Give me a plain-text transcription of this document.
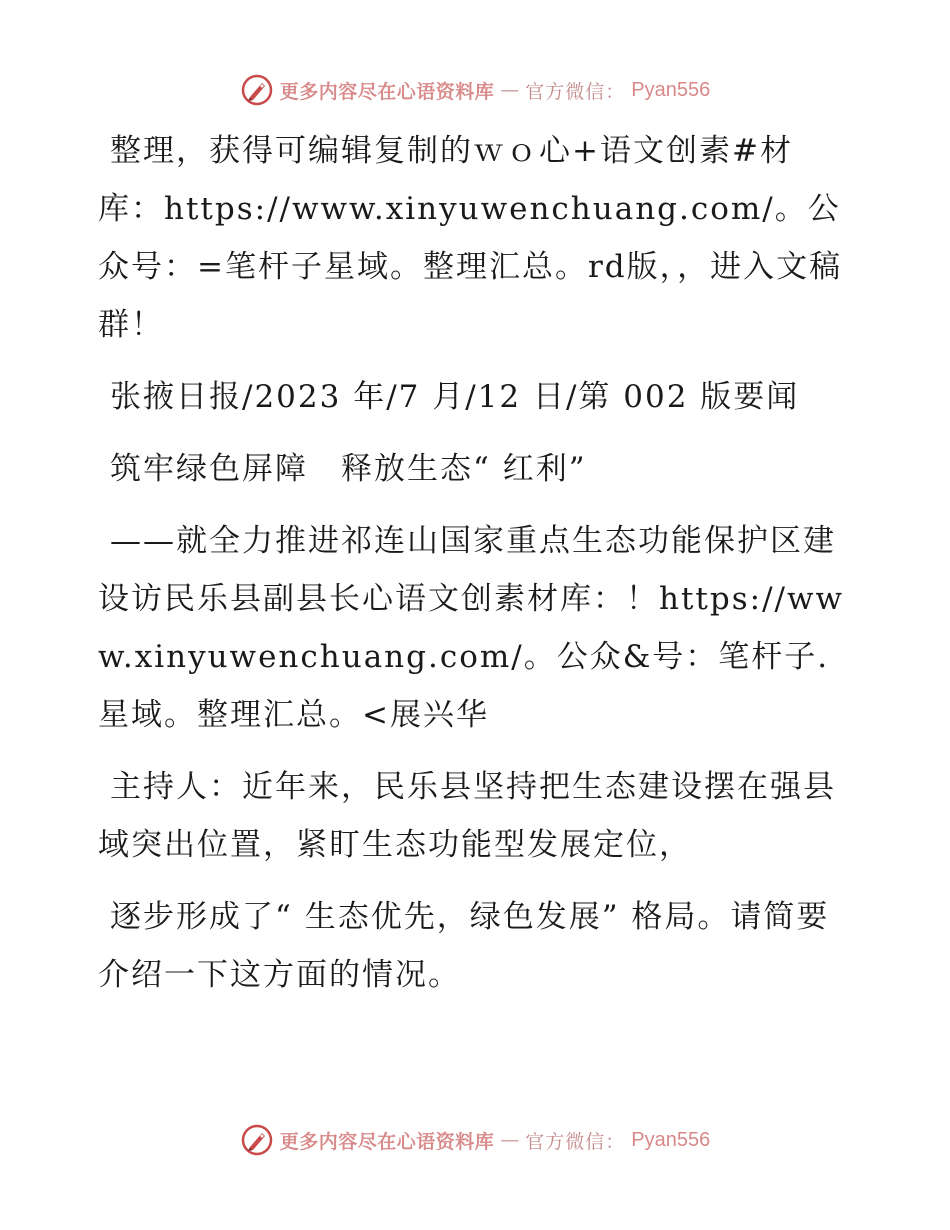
更多内容尽在心语资料库 — 官方微信： Pyan556

整理，获得可编辑复制的ｗｏ心+语文创素#材库：https://www.xinyuwenchuang.com/。公众号：=笔杆子星域。整理汇总。rd版，，进入文稿群！

张掖日报/2023 年/7 月/12 日/第 002 版要闻

筑牢绿色屏障　释放生态“ 红利”

——就全力推进祁连山国家重点生态功能保护区建设访民乐县副县长心语文创素材库：！https://www.xinyuwenchuang.com/。公众&号：笔杆子.星域。整理汇总。<展兴华

主持人：近年来，民乐县坚持把生态建设摆在强县域突出位置，紧盯生态功能型发展定位，

逐步形成了“ 生态优先，绿色发展” 格局。请简要介绍一下这方面的情况。

更多内容尽在心语资料库 — 官方微信： Pyan556
